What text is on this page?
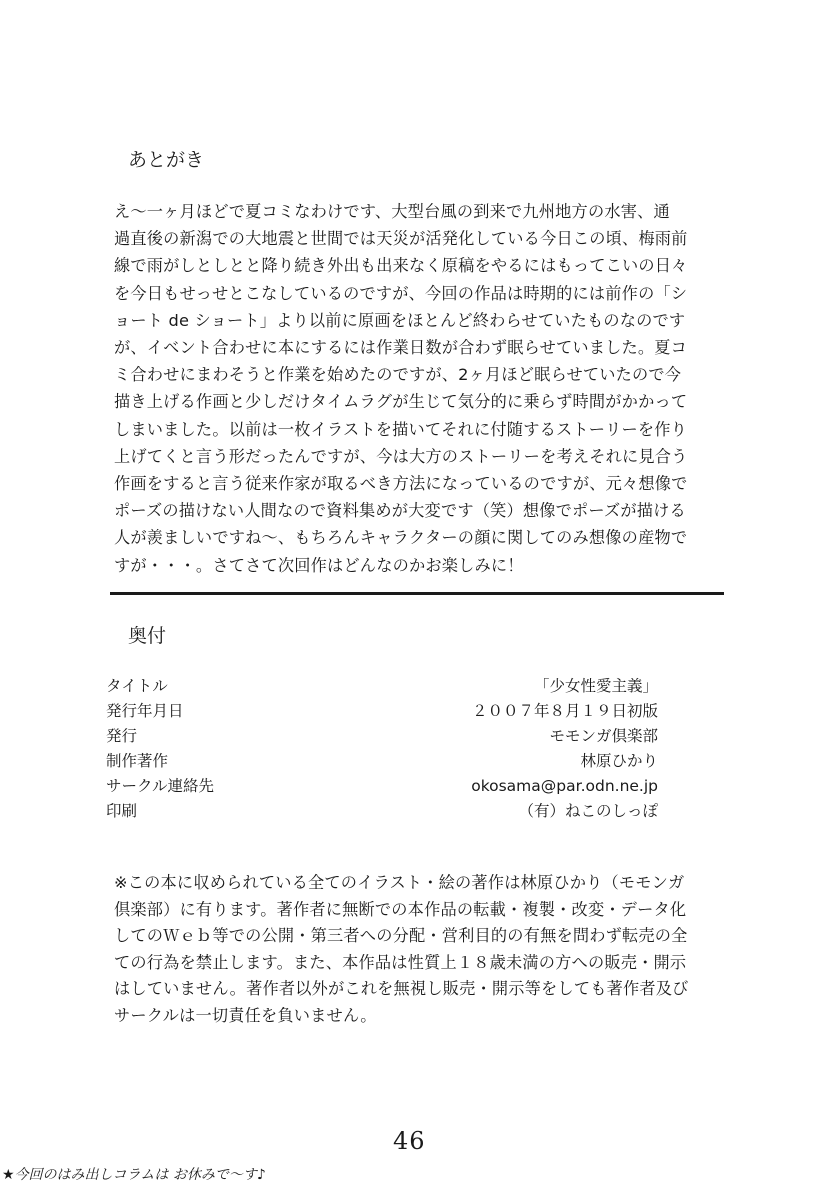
あとがき

え～一ヶ月ほどで夏コミなわけです、大型台風の到来で九州地方の水害、通
過直後の新潟での大地震と世間では天災が活発化している今日この頃、梅雨前
線で雨がしとしとと降り続き外出も出来なく原稿をやるにはもってこいの日々
を今日もせっせとこなしているのですが、今回の作品は時期的には前作の「シ
ョート de ショート」より以前に原画をほとんど終わらせていたものなのです
が、イベント合わせに本にするには作業日数が合わず眠らせていました。夏コ
ミ合わせにまわそうと作業を始めたのですが、2ヶ月ほど眠らせていたので今
描き上げる作画と少しだけタイムラグが生じて気分的に乗らず時間がかかって
しまいました。以前は一枚イラストを描いてそれに付随するストーリーを作り
上げてくと言う形だったんですが、今は大方のストーリーを考えそれに見合う
作画をすると言う従来作家が取るべき方法になっているのですが、元々想像で
ポーズの描けない人間なので資料集めが大変です（笑）想像でポーズが描ける
人が羨ましいですね～、もちろんキャラクターの顔に関してのみ想像の産物で
すが・・・。さてさて次回作はどんなのかお楽しみに！

奥付
タイトル	「少女性愛主義」
発行年月日	２００７年８月１９日初版
発行	モモンガ倶楽部
制作著作	林原ひかり
サークル連絡先	okosama@par.odn.ne.jp
印刷	（有）ねこのしっぽ

※この本に収められている全てのイラスト・絵の著作は林原ひかり（モモンガ
倶楽部）に有ります。著作者に無断での本作品の転載・複製・改変・データ化
してのＷｅｂ等での公開・第三者への分配・営利目的の有無を問わず転売の全
ての行為を禁止します。また、本作品は性質上１８歳未満の方への販売・開示
はしていません。著作者以外がこれを無視し販売・開示等をしても著作者及び
サークルは一切責任を負いません。

46
★今回のはみ出しコラムは お休みで～す♪
